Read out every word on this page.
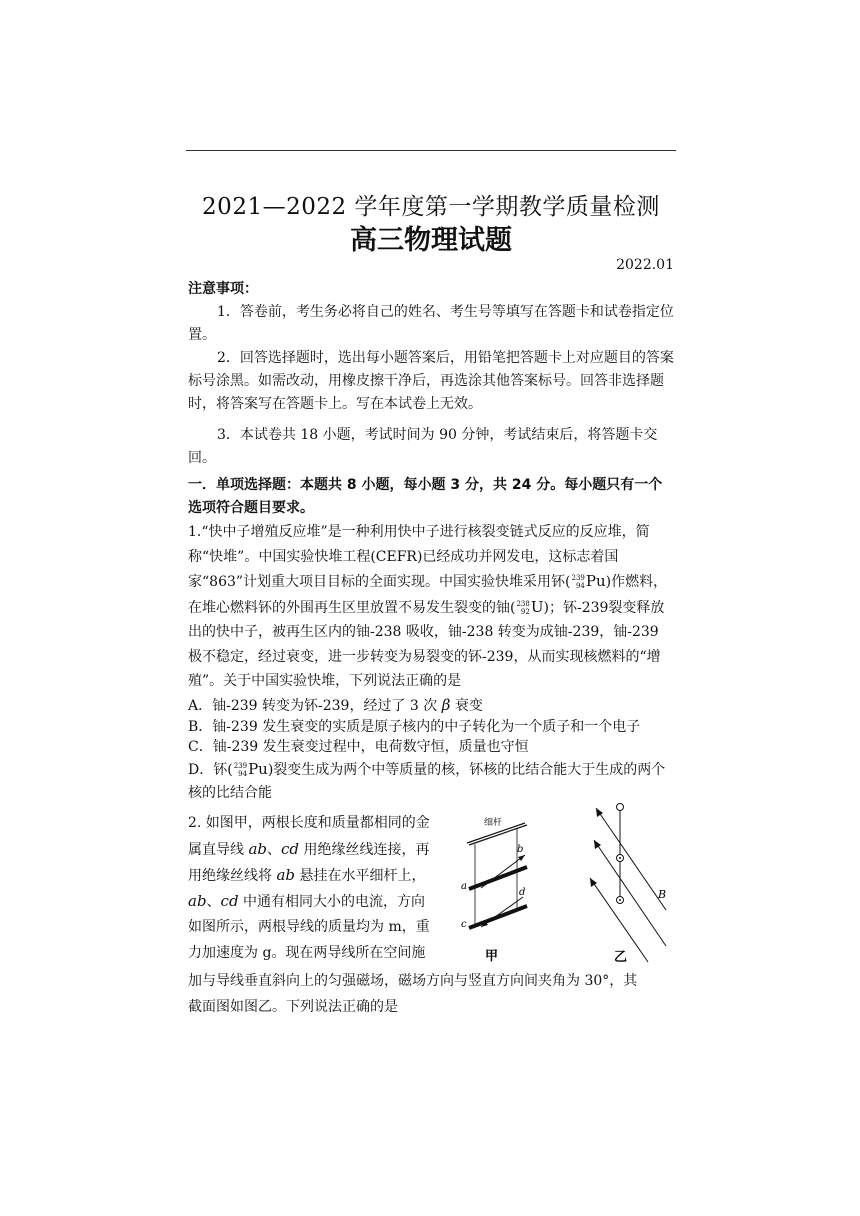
2021—2022 学年度第一学期教学质量检测
高三物理试题
2022.01
注意事项：
1．答卷前，考生务必将自己的姓名、考生号等填写在答题卡和试卷指定位置。
2．回答选择题时，选出每小题答案后，用铅笔把答题卡上对应题目的答案标号涂黑。如需改动，用橡皮擦干净后，再选涂其他答案标号。回答非选择题时，将答案写在答题卡上。写在本试卷上无效。
3．本试卷共 18 小题，考试时间为 90 分钟，考试结束后，将答题卡交回。
一．单项选择题：本题共 8 小题，每小题 3 分，共 24 分。每小题只有一个选项符合题目要求。
1.“快中子增殖反应堆”是一种利用快中子进行核裂变链式反应的反应堆，简称“快堆”。中国实验快堆工程(CEFR)已经成功并网发电，这标志着国家“863”计划重大项目目标的全面实现。中国实验快堆采用钚( 239
94 Pu)作燃料，在堆心燃料钚的外围再生区里放置不易发生裂变的铀( 238
92 U)；钚-239裂变释放出的快中子，被再生区内的铀-238 吸收，铀-238 转变为成铀-239，铀-239 极不稳定，经过衰变，进一步转变为易裂变的钚-239，从而实现核燃料的“增殖”。关于中国实验快堆，下列说法正确的是
A．铀-239 转变为钚-239，经过了 3 次 β 衰变
B．铀-239 发生衰变的实质是原子核内的中子转化为一个质子和一个电子
C．铀-239 发生衰变过程中，电荷数守恒，质量也守恒
D．钚( 239
94 Pu)裂变生成为两个中等质量的核，钚核的比结合能大于生成的两个核的比结合能
2. 如图甲，两根长度和质量都相同的金
属直导线 ab、cd 用绝缘丝线连接，再
用绝缘丝线将 ab 悬挂在水平细杆上，
ab、cd 中通有相同大小的电流，方向
如图所示，两根导线的质量均为 m，重
力加速度为 g。现在两导线所在空间施
加与导线垂直斜向上的匀强磁场，磁场方向与竖直方向间夹角为 30°，其
截面图如图乙。下列说法正确的是
细杆
a
b
c
d
甲
B
乙
